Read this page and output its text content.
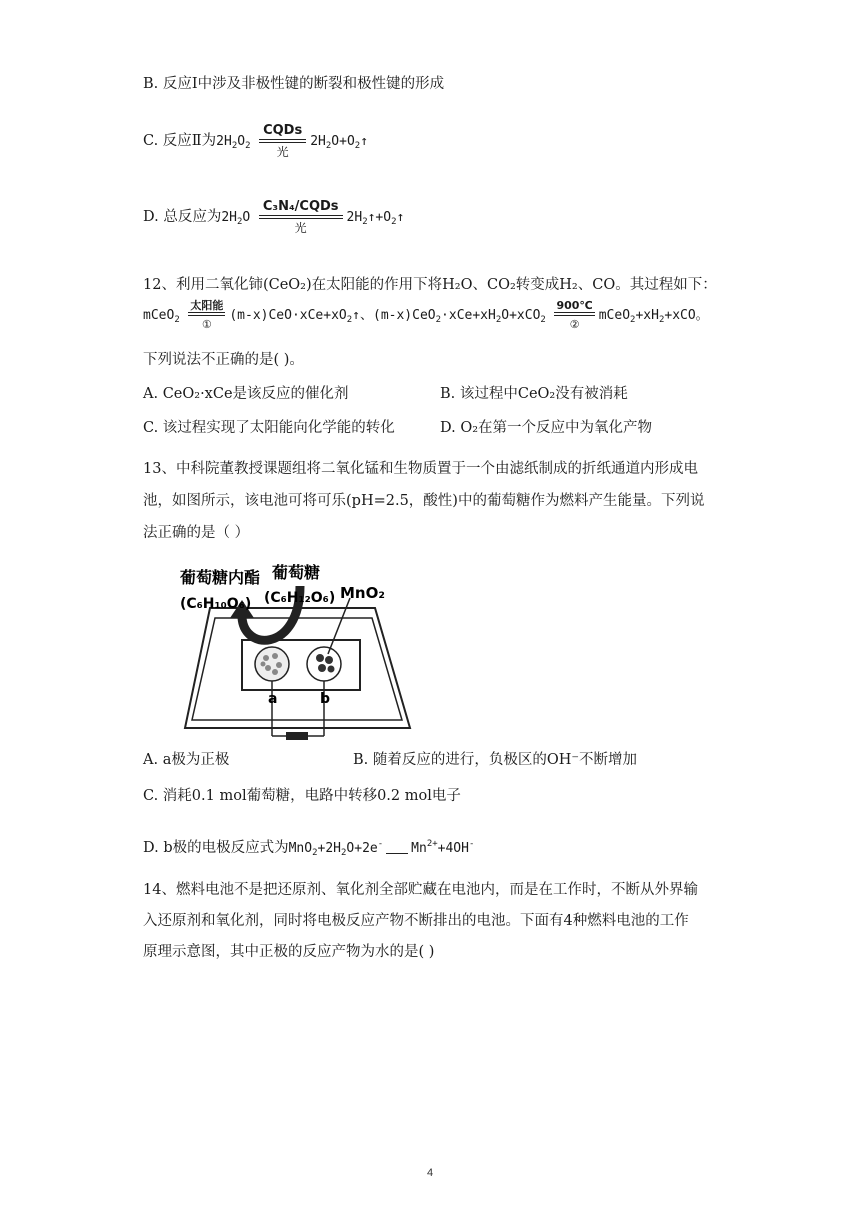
B. 反应Ⅰ中涉及非极性键的断裂和极性键的形成
C. 反应Ⅱ为$2H_2O_2$
CQDs
光
$2H_2O+O_2↑$
D. 总反应为$2H_2O$
C₃N₄/CQDs
光
$2H_2↑+O_2↑$
12、利用二氧化铈(CeO₂)在太阳能的作用下将H₂O、CO₂转变成H₂、CO。其过程如下：
mCeO$_2$
太阳能
①
$(m-x)CeO\cdot xCe+xO_2↑$、$(m-x)CeO_2\cdot xCe+xH_2O+xCO_2$
900℃
②
$mCeO_2+xH_2+xCO$。
下列说法不正确的是( )。
A. CeO₂·xCe是该反应的催化剂	B. 该过程中CeO₂没有被消耗
C. 该过程实现了太阳能向化学能的转化	D. O₂在第一个反应中为氧化产物
13、中科院董教授课题组将二氧化锰和生物质置于一个由滤纸制成的折纸通道内形成电
池，如图所示，该电池可将可乐(pH=2.5，酸性)中的葡萄糖作为燃料产生能量。下列说
法正确的是（ ）
葡萄糖内酯
(C₆H₁₀O₆)
葡萄糖
(C₆H₁₂O₆) MnO₂
a	b
A. a极为正极	B. 随着反应的进行，负极区的OH⁻不断增加
C. 消耗0.1 mol葡萄糖，电路中转移0.2 mol电子
D. b极的电极反应式为$MnO_2+2H_2O+2e^-$ $Mn^{2+}+4OH^-$
14、燃料电池不是把还原剂、氧化剂全部贮藏在电池内，而是在工作时，不断从外界输
入还原剂和氧化剂，同时将电极反应产物不断排出的电池。下面有4种燃料电池的工作
原理示意图，其中正极的反应产物为水的是( )
4
